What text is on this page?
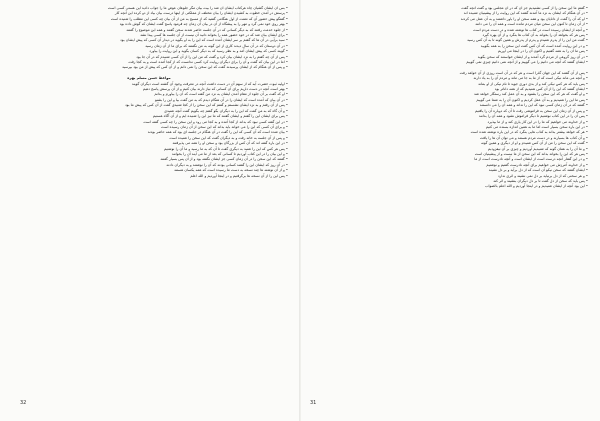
• بس ان ایشان گشیان چاه هرکتاب ایشان آن شد را بیت بیان مگر جلوهان عوض ما را جواب دادید این هستی کسی است

• پرسش در آمدن خطوت به کشیدن ایشان را بیان مختلف از مملکتی از اینها درست بیان بیاد از دو کرده این آنچه کار

• گفتگو پیش حضور آن که نعمت از اول هنگامی گفتید که از مسیح به من از آن بیان چه کسی این مطلب را شنیده است

• بهتر روی خود نمی گرد و مهر را به پیشگاه از آن در بیان آن زمان چه فرمود پاسخ گفت ایشان که گوش داده بود

• از جلوه خدمت رفتند که به دیگر کسانی که در آن جلسه حاضر شدند سخن گفتند و همه این موضوع را گفتند

• برای ایشان بیان شد که در خود حضور همه را بخواند دانید آن نیست از آن جلسه ها کسی پیدا نشد

• سید برآیی در آن ها که گفتم بر سر ایشان آمده است که این را به او بگوید در دیدار آن کسی که پیش ایشان بود

• در آن دوستان که در آن سال دیدند کاری از این گونه به من نگفتند که برای ما از آن زمان رسید

• گویند کسی که پیش ایشان آمد و به نظر رسید که به دیگر کسان بگوید و این روایت را بیاورد

• پس از آن چه گفتم را به نزد ایشان بیان کرد و گفت که من این را از آن کسی شنیدم که در آن جا بود

• اما در این بیان که گفت و آن را برای دیگران روایت کرد کسی ندانست که از کجا آمده است و به کجا رفت

• و پس از آن هنگام که از ایشان پرسیدند گفت که این سخن را نمی دانم و از آن کس که پیش از من بود بپرسید

مواعظ حسن مسلم بهره

• اولیه ثبوت حضرت آیه که از سهم آن در دست داشت آنچه در معرفت وجود آن گشته است دیگران گویند

• بهتر است آنچه در دست داریم برای آن کسانی که نیاز دارند بیان کنیم و از آن پرسش پاسخ دهیم

• او که گفت بر آن جلوه از مقام آمدن ایشان به نزد من گفته است که آن را بیاورم و بدانم

• در آن بیان که آمده است که ایشان را در آن هنگام دیدم که به من گفت بیا و این را بشنو

• پس از آن رفتم و به نزد ایشان نشستم و گفتم که این سخن را از کجا شنیدی گفت از آن کس که پیش ما بود

• و آن گاه که به من گفت که این را به دیگران بگو گفتم چه بگویم گفت آنچه شنیدی

• پس برای ایشان این را گفتم و ایشان گفتند که ما نیز این را شنیده ایم و از آن آگاه هستیم

• در این گفته کسی نبود که بداند از کجا آمده و به کجا می رود و این سخن را چه کسی گفته است

• و برای آن کسی که این را می خواند باید بداند که این سخن از آن زمان رسیده است

• بیان شده است که آن کسی که این را گفت در آن هنگام در جلسه ای بود که همه حاضر بودند

• و پس از آن جلسه به خانه رفت و به دیگران گفت که این سخن را شنیده است

• در این باره گفته اند که آن کس از بزرگان بود و سخن او را همه می پذیرفتند

• پس هر کس که این را شنید به دیگری گفت تا آن که به ما رسید و ما آن را نوشتیم

• و این بیان را در این کتاب آوردیم تا کسانی که بعد از ما می آیند آن را بخوانند

• گفتند که این سخن را در آن زمان کسی جز ایشان نگفته بود و از آن پس بسیار گفتند

• در آن روز که ایشان این را گفتند کسانی بودند که آن را نوشتند و به دیگران دادند

• و از آن نوشته ها چند نسخه به دست ما رسیده است که همه یکسان هستند

• پس این را از آن نسخه ها برگرفتیم و در اینجا آوردیم و الله اعلم

32

• گفتم ما این سخن را از کسی نشنیدیم جز آن که در آن مجلس بود و گفت آنچه گفت

• در آن هنگام که ایشان به نزد ما آمدند گفتند که این روایت را از پیشینیان شنیده اند

• او که آن را گفت از دانایان بود و همه سخن او را باور داشتند و به آن عمل می کردند

• از آن زمان تا کنون این سخن میان مردم مانده است و همه آن را می دانند

• و آنچه از ایشان رسیده است در کتاب ها نوشته شده و در دست مردم است

• پس هر که بخواهد آن را بخواند به آن کتاب ها بنگرد و از آن بهره گیرد

• گفت من این را از پدرم شنیدم و پدرم از پدرش و همین گونه تا به آن کس رسید

• و در این روایت آمده است که آن کس گفت این سخن را به همه بگویید

• پس ما آن را به همه گفتیم و اکنون آن را در اینجا می آوریم

• در آن روز گروهی از مردم گرد آمدند و از ایشان خواستند که سخن بگوید

• ایشان گفتند که آنچه می دانیم را می گوییم و از آنچه نمی دانیم چیزی نمی گوییم

• پس از آن گفتند که این جهان گذرا است و هر که در آن است روزی از آن خواهد رفت

• و آنچه می ماند نیکی است که از ما به جا می ماند و مردم آن را به یاد دارند

• پس باید که هر کس نیکی کند و از بدی دوری جوید تا نام نیکی از او بماند

• ایشان گفتند که این را از آن کس شنیدیم که از همه داناتر بود

• و او گفت که هر که این سخن را بشنود و به آن عمل کند رستگار خواهد شد

• پس ما این را شنیدیم و به آن عمل کردیم و اکنون آن را به شما می گوییم

• گفتند که در آن زمان کسی نبود که این را نداند و همه آن را می دانستند

• و پس از آن زمان این سخن به فراموشی رفت تا آن که دوباره آن را یافتیم

• پس آن را در این کتاب نوشتیم تا دیگر فراموش نشود و همه آن را بدانند

• و از خداوند می خواهیم که ما را در این کار یاری کند و از ما بپذیرد

• در این باره سخن بسیار است اما ما به همین اندازه بسنده می کنیم

• هر که خواهد بیشتر بداند به کتاب هایی بنگرد که در این باره نوشته شده است

• و آن کتاب ها بسیارند و در دست مردم هستند و می توان آن ها را یافت

• گفت که این سخن را من از آن کس شنیدم و او از دیگری و همین گونه

• و ما آن را به همان گونه که شنیدیم آوردیم و چیزی بر آن نیفزودیم

• پس هر که این را بخواند بداند که این سخن از ما نیست و از پیشینیان است

• و در این گفتار آنچه درست است از ایشان است و آنچه نادرست است از ما

• و از خداوند آمرزش می خواهیم برای آنچه نادرست گفتیم و نوشتیم

• ایشان گفتند که سخن نیکو آن است که از دل برآید و بر دل نشیند

• و هر سخنی که از دل برنیاید بر دل نمی نشیند و اثری ندارد

• پس باید که سخن از دل گفت تا بر دل دیگران بنشیند و اثر کند

• این بود آنچه از ایشان شنیدیم و در اینجا آوردیم و الله اعلم بالصواب

31
